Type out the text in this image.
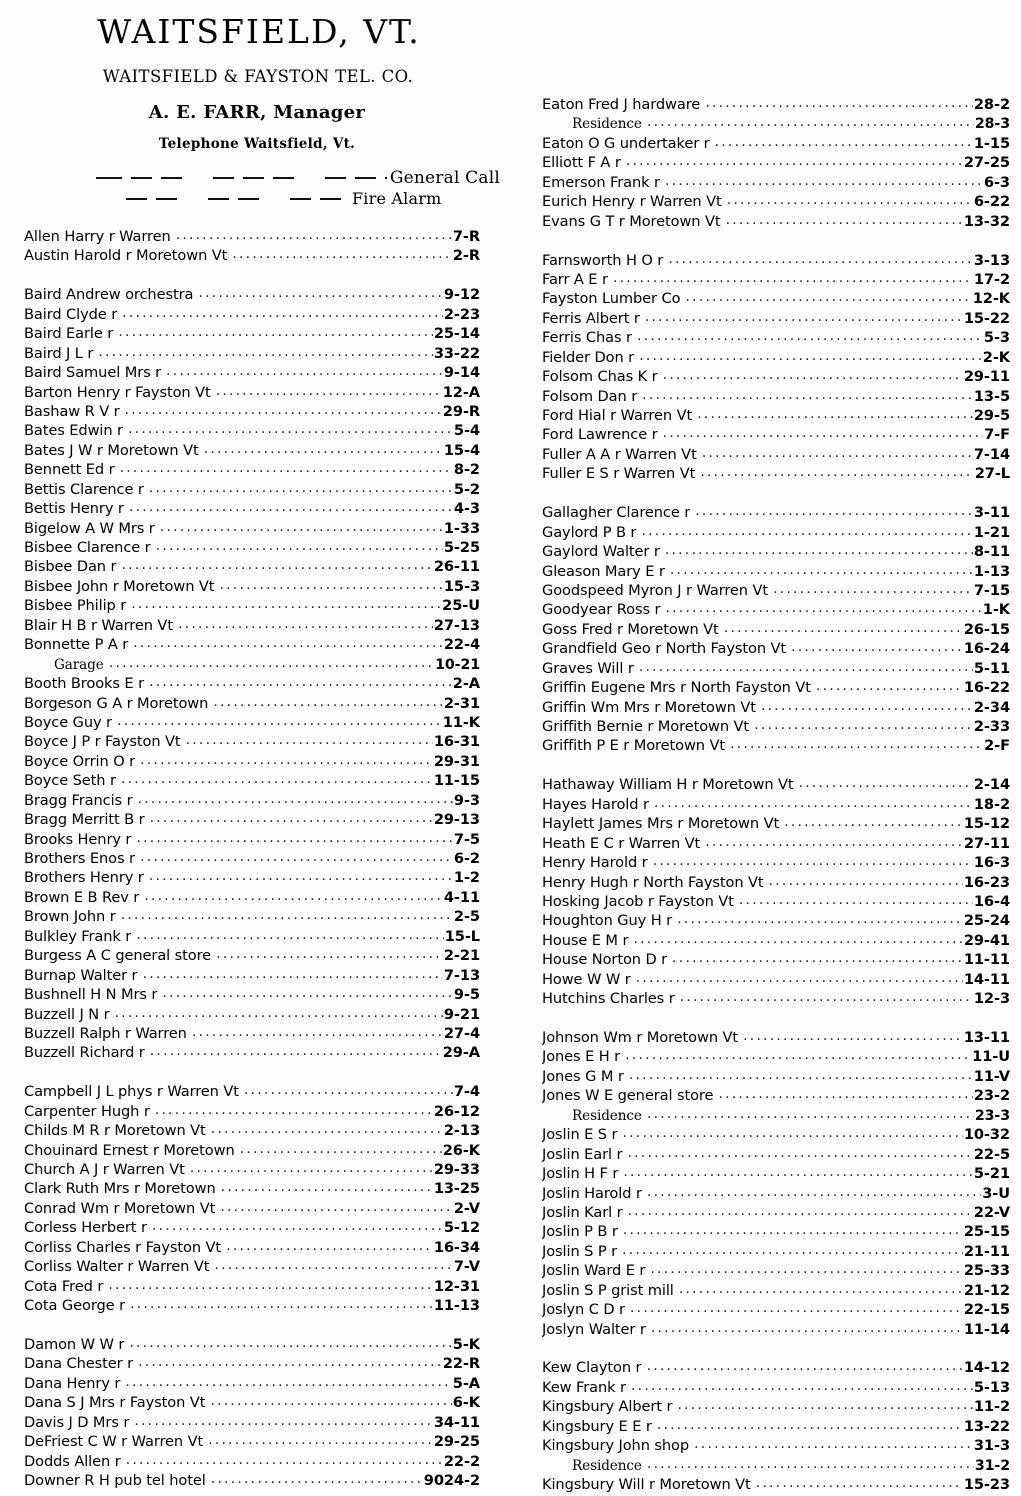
WAITSFIELD, VT.
WAITSFIELD & FAYSTON TEL. CO.
A. E. FARR, Manager
Telephone Waitsfield, Vt.
General Call
Fire Alarm
Allen Harry r Warren .....	7-R
Austin Harold r Moretown Vt .....	2-R
Baird Andrew orchestra .....	9-12
Baird Clyde r .....	2-23
Baird Earle r .....	25-14
Baird J L r .....	33-22
Baird Samuel Mrs r .....	9-14
Barton Henry r Fayston Vt .....	12-A
Bashaw R V r .....	29-R
Bates Edwin r .....	5-4
Bates J W r Moretown Vt .....	15-4
Bennett Ed r .....	8-2
Bettis Clarence r .....	5-2
Bettis Henry r .....	4-3
Bigelow A W Mrs r .....	1-33
Bisbee Clarence r .....	5-25
Bisbee Dan r .....	26-11
Bisbee John r Moretown Vt .....	15-3
Bisbee Philip r .....	25-U
Blair H B r Warren Vt .....	27-13
Bonnette P A r .....	22-4
Garage .....	10-21
Booth Brooks E r .....	2-A
Borgeson G A r Moretown .....	2-31
Boyce Guy r .....	11-K
Boyce J P r Fayston Vt .....	16-31
Boyce Orrin O r .....	29-31
Boyce Seth r .....	11-15
Bragg Francis r .....	9-3
Bragg Merritt B r .....	29-13
Brooks Henry r .....	7-5
Brothers Enos r .....	6-2
Brothers Henry r .....	1-2
Brown E B Rev r .....	4-11
Brown John r .....	2-5
Bulkley Frank r .....	15-L
Burgess A C general store .....	2-21
Burnap Walter r .....	7-13
Bushnell H N Mrs r .....	9-5
Buzzell J N r .....	9-21
Buzzell Ralph r Warren .....	27-4
Buzzell Richard r .....	29-A
Campbell J L phys r Warren Vt .....	7-4
Carpenter Hugh r .....	26-12
Childs M R r Moretown Vt .....	2-13
Chouinard Ernest r Moretown .....	26-K
Church A J r Warren Vt .....	29-33
Clark Ruth Mrs r Moretown .....	13-25
Conrad Wm r Moretown Vt .....	2-V
Corless Herbert r .....	5-12
Corliss Charles r Fayston Vt .....	16-34
Corliss Walter r Warren Vt .....	7-V
Cota Fred r .....	12-31
Cota George r .....	11-13
Damon W W r .....	5-K
Dana Chester r .....	22-R
Dana Henry r .....	5-A
Dana S J Mrs r Fayston Vt .....	6-K
Davis J D Mrs r .....	34-11
DeFriest C W r Warren Vt .....	29-25
Dodds Allen r .....	22-2
Downer R H pub tel hotel .....	9024-2
Eaton Fred J hardware .....	28-2
Residence .....	28-3
Eaton O G undertaker r .....	1-15
Elliott F A r .....	27-25
Emerson Frank r .....	6-3
Eurich Henry r Warren Vt .....	6-22
Evans G T r Moretown Vt .....	13-32
Farnsworth H O r .....	3-13
Farr A E r .....	17-2
Fayston Lumber Co .....	12-K
Ferris Albert r .....	15-22
Ferris Chas r .....	5-3
Fielder Don r .....	2-K
Folsom Chas K r .....	29-11
Folsom Dan r .....	13-5
Ford Hial r Warren Vt .....	29-5
Ford Lawrence r .....	7-F
Fuller A A r Warren Vt .....	7-14
Fuller E S r Warren Vt .....	27-L
Gallagher Clarence r .....	3-11
Gaylord P B r .....	1-21
Gaylord Walter r .....	8-11
Gleason Mary E r .....	1-13
Goodspeed Myron J r Warren Vt .....	7-15
Goodyear Ross r .....	1-K
Goss Fred r Moretown Vt .....	26-15
Grandfield Geo r North Fayston Vt .....	16-24
Graves Will r .....	5-11
Griffin Eugene Mrs r North Fayston Vt .....	16-22
Griffin Wm Mrs r Moretown Vt .....	2-34
Griffith Bernie r Moretown Vt .....	2-33
Griffith P E r Moretown Vt .....	2-F
Hathaway William H r Moretown Vt .....	2-14
Hayes Harold r .....	18-2
Haylett James Mrs r Moretown Vt .....	15-12
Heath E C r Warren Vt .....	27-11
Henry Harold r .....	16-3
Henry Hugh r North Fayston Vt .....	16-23
Hosking Jacob r Fayston Vt .....	16-4
Houghton Guy H r .....	25-24
House E M r .....	29-41
House Norton D r .....	11-11
Howe W W r .....	14-11
Hutchins Charles r .....	12-3
Johnson Wm r Moretown Vt .....	13-11
Jones E H r .....	11-U
Jones G M r .....	11-V
Jones W E general store .....	23-2
Residence .....	23-3
Joslin E S r .....	10-32
Joslin Earl r .....	22-5
Joslin H F r .....	5-21
Joslin Harold r .....	3-U
Joslin Karl r .....	22-V
Joslin P B r .....	25-15
Joslin S P r .....	21-11
Joslin Ward E r .....	25-33
Joslin S P grist mill .....	21-12
Joslyn C D r .....	22-15
Joslyn Walter r .....	11-14
Kew Clayton r .....	14-12
Kew Frank r .....	5-13
Kingsbury Albert r .....	11-2
Kingsbury E E r .....	13-22
Kingsbury John shop .....	31-3
Residence .....	31-2
Kingsbury Will r Moretown Vt .....	15-23
